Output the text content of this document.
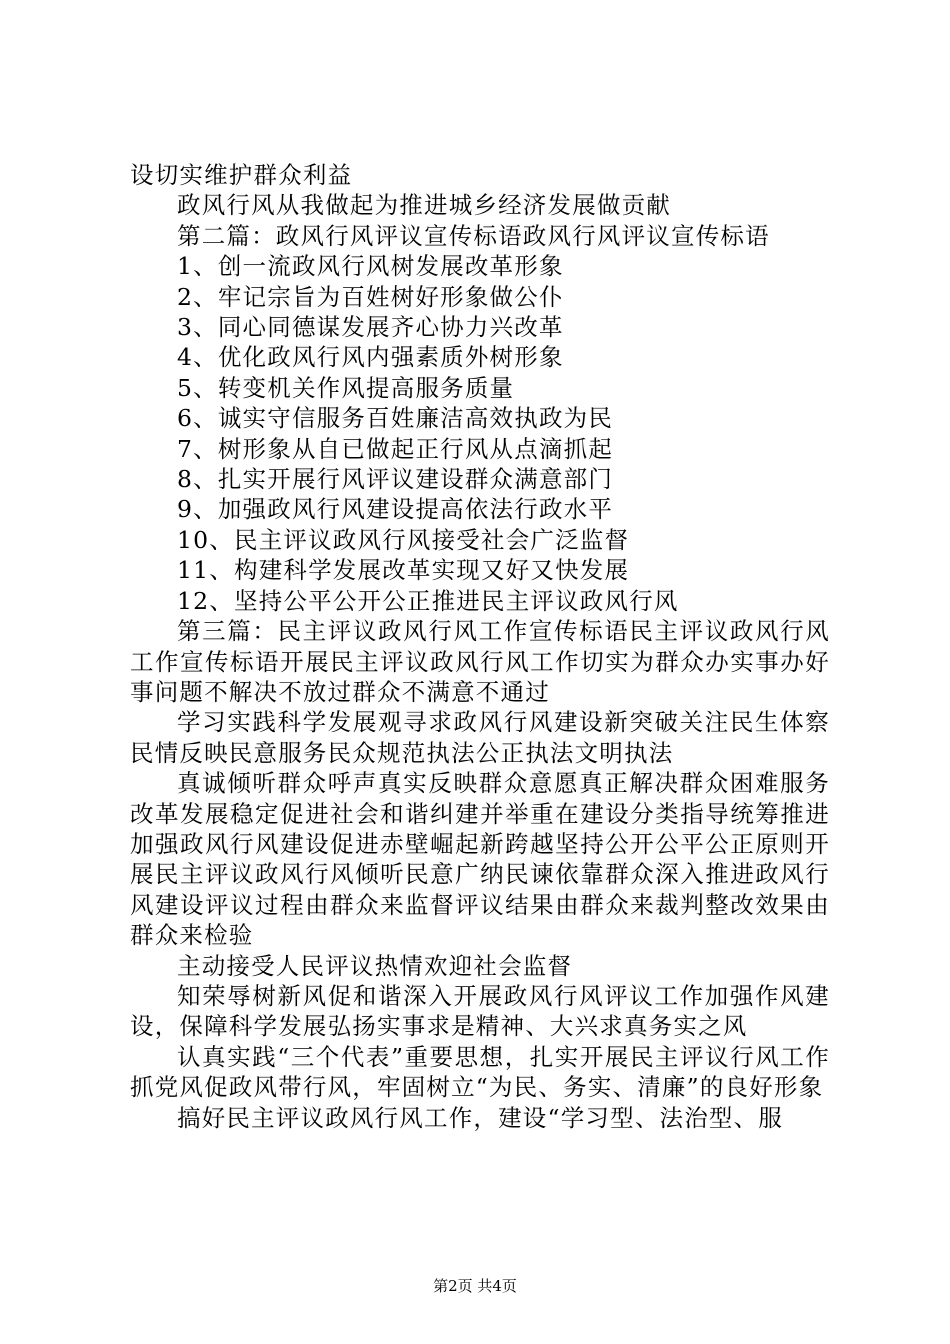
设切实维护群众利益

政风行风从我做起为推进城乡经济发展做贡献

第二篇：政风行风评议宣传标语政风行风评议宣传标语

1、创一流政风行风树发展改革形象

2、牢记宗旨为百姓树好形象做公仆

3、同心同德谋发展齐心协力兴改革

4、优化政风行风内强素质外树形象

5、转变机关作风提高服务质量

6、诚实守信服务百姓廉洁高效执政为民

7、树形象从自已做起正行风从点滴抓起

8、扎实开展行风评议建设群众满意部门

9、加强政风行风建设提高依法行政水平

10、民主评议政风行风接受社会广泛监督

11、构建科学发展改革实现又好又快发展

12、坚持公平公开公正推进民主评议政风行风

第三篇：民主评议政风行风工作宣传标语民主评议政风行风工作宣传标语开展民主评议政风行风工作切实为群众办实事办好事问题不解决不放过群众不满意不通过

学习实践科学发展观寻求政风行风建设新突破关注民生体察民情反映民意服务民众规范执法公正执法文明执法

真诚倾听群众呼声真实反映群众意愿真正解决群众困难服务改革发展稳定促进社会和谐纠建并举重在建设分类指导统筹推进加强政风行风建设促进赤壁崛起新跨越坚持公开公平公正原则开展民主评议政风行风倾听民意广纳民谏依靠群众深入推进政风行风建设评议过程由群众来监督评议结果由群众来裁判整改效果由群众来检验

主动接受人民评议热情欢迎社会监督

知荣辱树新风促和谐深入开展政风行风评议工作加强作风建设，保障科学发展弘扬实事求是精神、大兴求真务实之风

认真实践“三个代表”重要思想，扎实开展民主评议行风工作抓党风促政风带行风，牢固树立“为民、务实、清廉”的良好形象

搞好民主评议政风行风工作，建设“学习型、法治型、服

第2页 共4页
